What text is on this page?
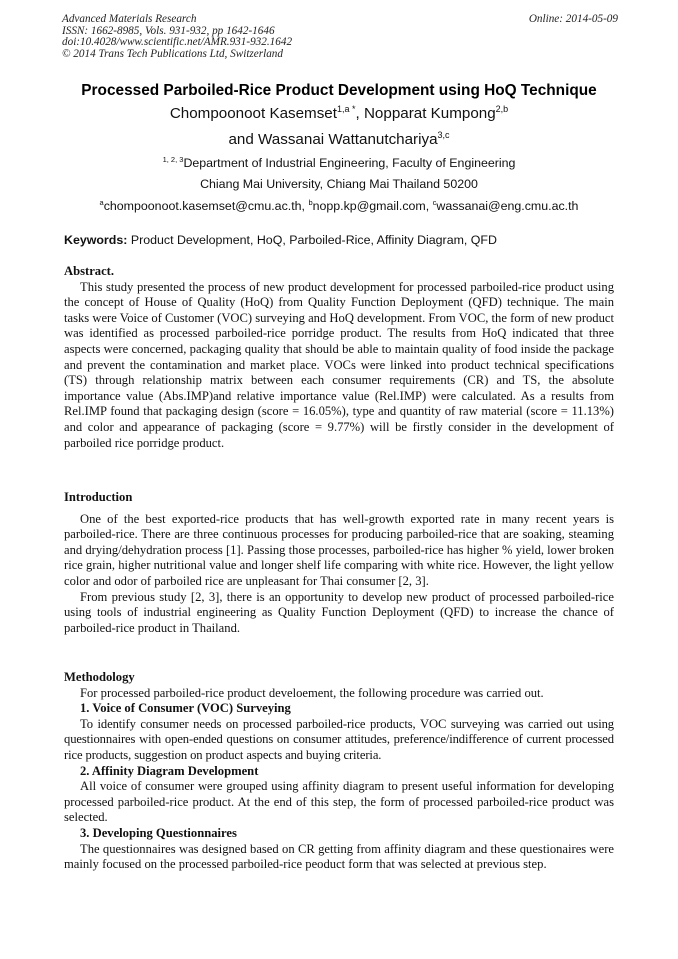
Advanced Materials Research
ISSN: 1662-8985, Vols. 931-932, pp 1642-1646
doi:10.4028/www.scientific.net/AMR.931-932.1642
© 2014 Trans Tech Publications Ltd, Switzerland
Online: 2014-05-09
Processed Parboiled-Rice Product Development using HoQ Technique
Chompoonoot Kasemset$^{1,a *}$, Nopparat Kumpong$^{2,b}$
and Wassanai Wattanutchariya$^{3,c}$
$^{1, 2, 3}$Department of Industrial Engineering, Faculty of Engineering
Chiang Mai University, Chiang Mai Thailand 50200
$^a$chompoonoot.kasemset@cmu.ac.th, $^b$nopp.kp@gmail.com, $^c$wassanai@eng.cmu.ac.th
Keywords: Product Development, HoQ, Parboiled-Rice, Affinity Diagram, QFD
Abstract.

This study presented the process of new product development for processed parboiled-rice product using the concept of House of Quality (HoQ) from Quality Function Deployment (QFD) technique. The main tasks were Voice of Customer (VOC) surveying and HoQ development. From VOC, the form of new product was identified as processed parboiled-rice porridge product. The results from HoQ indicated that three aspects were concerned, packaging quality that should be able to maintain quality of food inside the package and prevent the contamination and market place. VOCs were linked into product technical specifications (TS) through relationship matrix between each consumer requirements (CR) and TS, the absolute importance value (Abs.IMP)and relative importance value (Rel.IMP) were calculated. As a results from Rel.IMP found that packaging design (score = 16.05%), type and quantity of raw material (score = 11.13%) and color and appearance of packaging (score = 9.77%) will be firstly consider in the development of parboiled rice porridge product.

Introduction

One of the best exported-rice products that has well-growth exported rate in many recent years is parboiled-rice. There are three continuous processes for producing parboiled-rice that are soaking, steaming and drying/dehydration process [1]. Passing those processes, parboiled-rice has higher % yield, lower broken rice grain, higher nutritional value and longer shelf life comparing with white rice. However, the light yellow color and odor of parboiled rice are unpleasant for Thai consumer [2, 3].

From previous study [2, 3], there is an opportunity to develop new product of processed parboiled-rice using tools of industrial engineering as Quality Function Deployment (QFD) to increase the chance of parboiled-rice product in Thailand.

Methodology

For processed parboiled-rice product develoement, the following procedure was carried out.

1. Voice of Consumer (VOC) Surveying

To identify consumer needs on processed parboiled-rice products, VOC surveying was carried out using questionnaires with open-ended questions on consumer attitudes, preference/indifference of current processed rice products, suggestion on product aspects and buying criteria.

2. Affinity Diagram Development

All voice of consumer were grouped using affinity diagram to present useful information for developing processed parboiled-rice product. At the end of this step, the form of processed parboiled-rice product was selected.

3. Developing Questionnaires

The questionnaires was designed based on CR getting from affinity diagram and these questionaires were mainly focused on the processed parboiled-rice peoduct form that was selected at previous step.
